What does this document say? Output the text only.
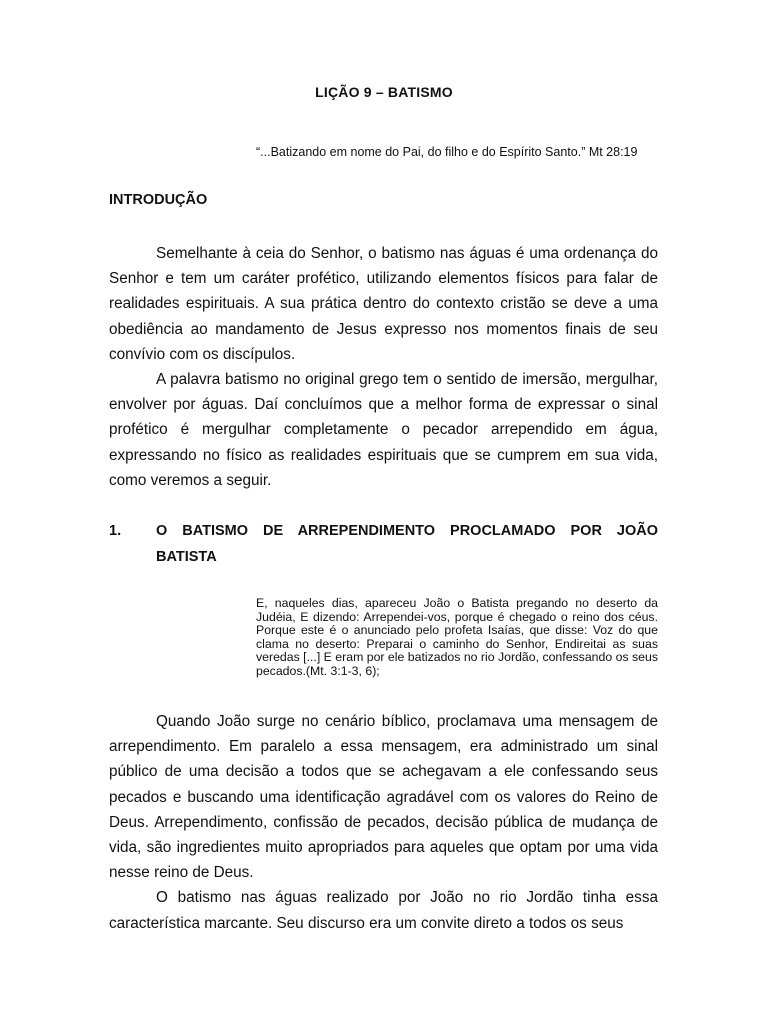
LIÇÃO 9 – BATISMO
“...Batizando em nome do Pai, do filho e do Espírito Santo.” Mt 28:19
INTRODUÇÃO

Semelhante à ceia do Senhor, o batismo nas águas é uma ordenança do Senhor e tem um caráter profético, utilizando elementos físicos para falar de realidades espirituais. A sua prática dentro do contexto cristão se deve a uma obediência ao mandamento de Jesus expresso nos momentos finais de seu convívio com os discípulos.

A palavra batismo no original grego tem o sentido de imersão, mergulhar, envolver por águas. Daí concluímos que a melhor forma de expressar o sinal profético é mergulhar completamente o pecador arrependido em água, expressando no físico as realidades espirituais que se cumprem em sua vida, como veremos a seguir.

1. O BATISMO DE ARREPENDIMENTO PROCLAMADO POR JOÃO
BATISTA

E, naqueles dias, apareceu João o Batista pregando no deserto da Judéia, E dizendo: Arrependei-vos, porque é chegado o reino dos céus. Porque este é o anunciado pelo profeta Isaías, que disse: Voz do que clama no deserto: Preparai o caminho do Senhor, Endireitai as suas veredas [...] E eram por ele batizados no rio Jordão, confessando os seus pecados.(Mt. 3:1-3, 6);

Quando João surge no cenário bíblico, proclamava uma mensagem de arrependimento. Em paralelo a essa mensagem, era administrado um sinal público de uma decisão a todos que se achegavam a ele confessando seus pecados e buscando uma identificação agradável com os valores do Reino de Deus. Arrependimento, confissão de pecados, decisão pública de mudança de vida, são ingredientes muito apropriados para aqueles que optam por uma vida nesse reino de Deus.

O batismo nas águas realizado por João no rio Jordão tinha essa característica marcante. Seu discurso era um convite direto a todos os seus
